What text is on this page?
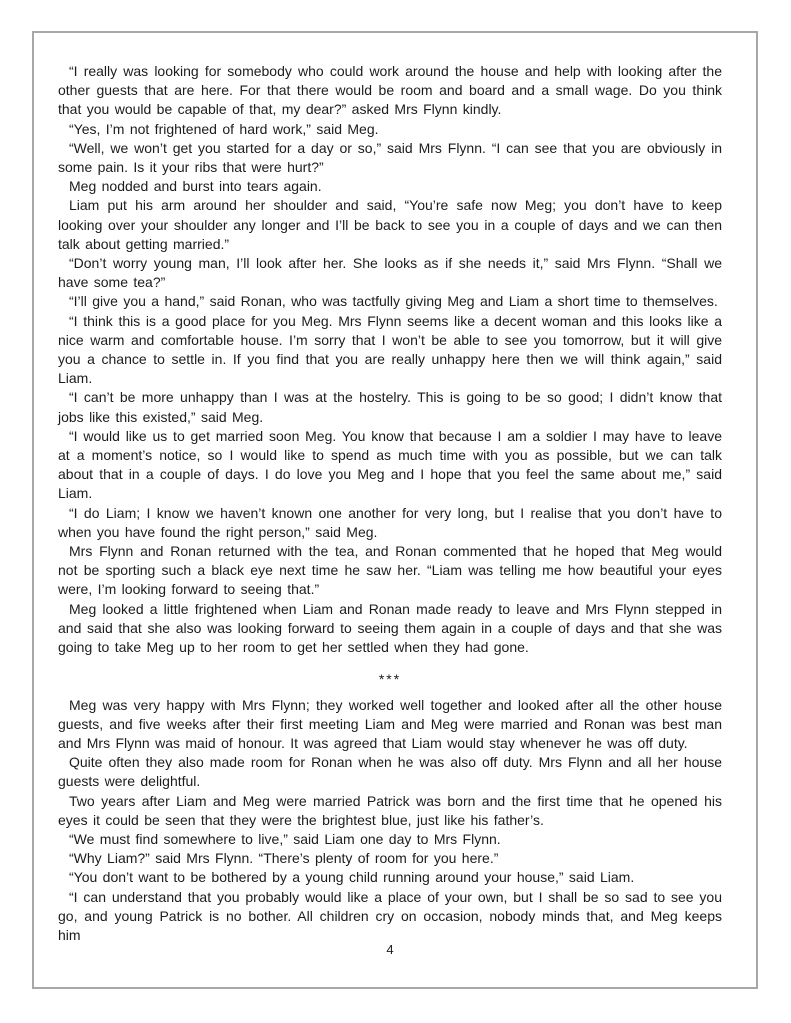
“I really was looking for somebody who could work around the house and help with looking after the other guests that are here. For that there would be room and board and a small wage. Do you think that you would be capable of that, my dear?” asked Mrs Flynn kindly.

“Yes, I’m not frightened of hard work,” said Meg.

“Well, we won’t get you started for a day or so,” said Mrs Flynn. “I can see that you are obviously in some pain. Is it your ribs that were hurt?”

Meg nodded and burst into tears again.

Liam put his arm around her shoulder and said, “You’re safe now Meg; you don’t have to keep looking over your shoulder any longer and I’ll be back to see you in a couple of days and we can then talk about getting married.”

“Don’t worry young man, I’ll look after her. She looks as if she needs it,” said Mrs Flynn. “Shall we have some tea?”

“I’ll give you a hand,” said Ronan, who was tactfully giving Meg and Liam a short time to themselves.

“I think this is a good place for you Meg. Mrs Flynn seems like a decent woman and this looks like a nice warm and comfortable house. I’m sorry that I won’t be able to see you tomorrow, but it will give you a chance to settle in. If you find that you are really unhappy here then we will think again,” said Liam.

“I can’t be more unhappy than I was at the hostelry. This is going to be so good; I didn’t know that jobs like this existed,” said Meg.

“I would like us to get married soon Meg. You know that because I am a soldier I may have to leave at a moment’s notice, so I would like to spend as much time with you as possible, but we can talk about that in a couple of days. I do love you Meg and I hope that you feel the same about me,” said Liam.

“I do Liam; I know we haven’t known one another for very long, but I realise that you don’t have to when you have found the right person,” said Meg.

Mrs Flynn and Ronan returned with the tea, and Ronan commented that he hoped that Meg would not be sporting such a black eye next time he saw her. “Liam was telling me how beautiful your eyes were, I’m looking forward to seeing that.”

Meg looked a little frightened when Liam and Ronan made ready to leave and Mrs Flynn stepped in and said that she also was looking forward to seeing them again in a couple of days and that she was going to take Meg up to her room to get her settled when they had gone.

***

Meg was very happy with Mrs Flynn; they worked well together and looked after all the other house guests, and five weeks after their first meeting Liam and Meg were married and Ronan was best man and Mrs Flynn was maid of honour. It was agreed that Liam would stay whenever he was off duty.

Quite often they also made room for Ronan when he was also off duty. Mrs Flynn and all her house guests were delightful.

Two years after Liam and Meg were married Patrick was born and the first time that he opened his eyes it could be seen that they were the brightest blue, just like his father’s.

“We must find somewhere to live,” said Liam one day to Mrs Flynn.

“Why Liam?” said Mrs Flynn. “There’s plenty of room for you here.”

“You don’t want to be bothered by a young child running around your house,” said Liam.

“I can understand that you probably would like a place of your own, but I shall be so sad to see you go, and young Patrick is no bother. All children cry on occasion, nobody minds that, and Meg keeps him

4
